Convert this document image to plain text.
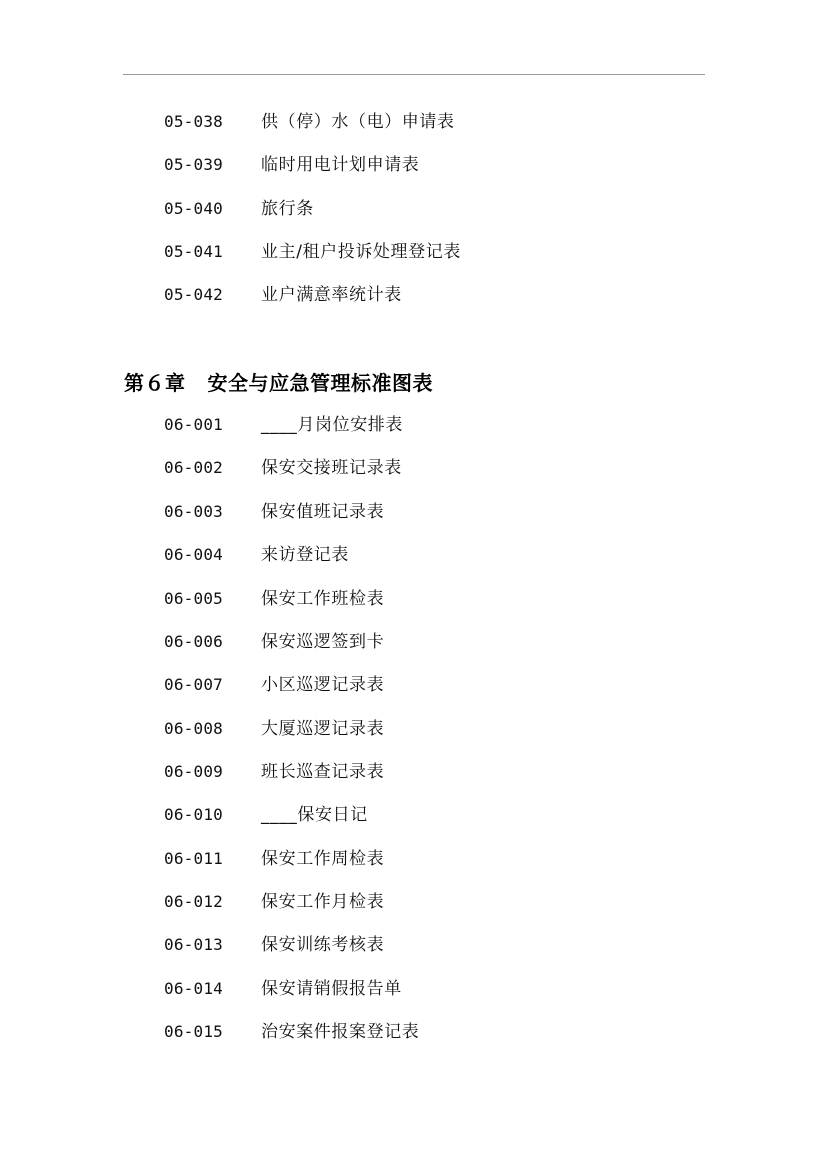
05-038 供（停）水（电）申请表
05-039 临时用电计划申请表
05-040 旅行条
05-041 业主/租户投诉处理登记表
05-042 业户满意率统计表
第６章 安全与应急管理标准图表
06-001 ____月岗位安排表
06-002 保安交接班记录表
06-003 保安值班记录表
06-004 来访登记表
06-005 保安工作班检表
06-006 保安巡逻签到卡
06-007 小区巡逻记录表
06-008 大厦巡逻记录表
06-009 班长巡查记录表
06-010 ____保安日记
06-011 保安工作周检表
06-012 保安工作月检表
06-013 保安训练考核表
06-014 保安请销假报告单
06-015 治安案件报案登记表
